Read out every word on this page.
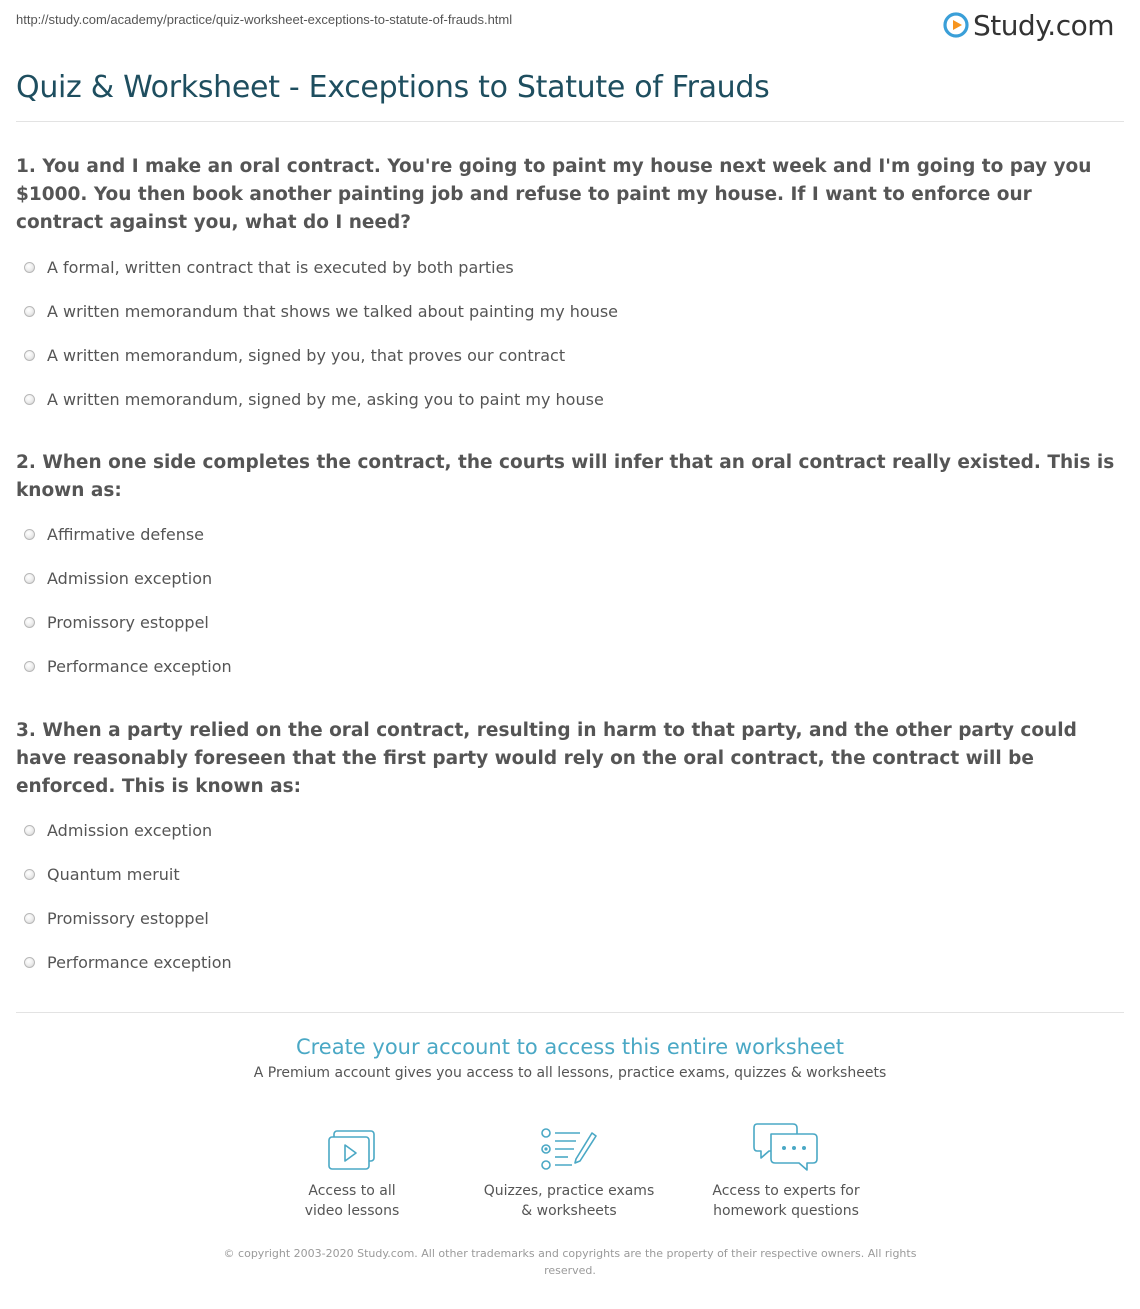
http://study.com/academy/practice/quiz-worksheet-exceptions-to-statute-of-frauds.html	Study.com
Quiz & Worksheet - Exceptions to Statute of Frauds

1. You and I make an oral contract. You're going to paint my house next week and I'm going to pay you $1000. You then book another painting job and refuse to paint my house. If I want to enforce our contract against you, what do I need?

A formal, written contract that is executed by both parties
A written memorandum that shows we talked about painting my house
A written memorandum, signed by you, that proves our contract
A written memorandum, signed by me, asking you to paint my house

2. When one side completes the contract, the courts will infer that an oral contract really existed. This is known as:

Affirmative defense
Admission exception
Promissory estoppel
Performance exception

3. When a party relied on the oral contract, resulting in harm to that party, and the other party could have reasonably foreseen that the first party would rely on the oral contract, the contract will be enforced. This is known as:

Admission exception
Quantum meruit
Promissory estoppel
Performance exception
Create your account to access this entire worksheet
A Premium account gives you access to all lessons, practice exams, quizzes & worksheets
Access to all
video lessons
Quizzes, practice exams
& worksheets
Access to experts for
homework questions
© copyright 2003-2020 Study.com. All other trademarks and copyrights are the property of their respective owners. All rights reserved.
